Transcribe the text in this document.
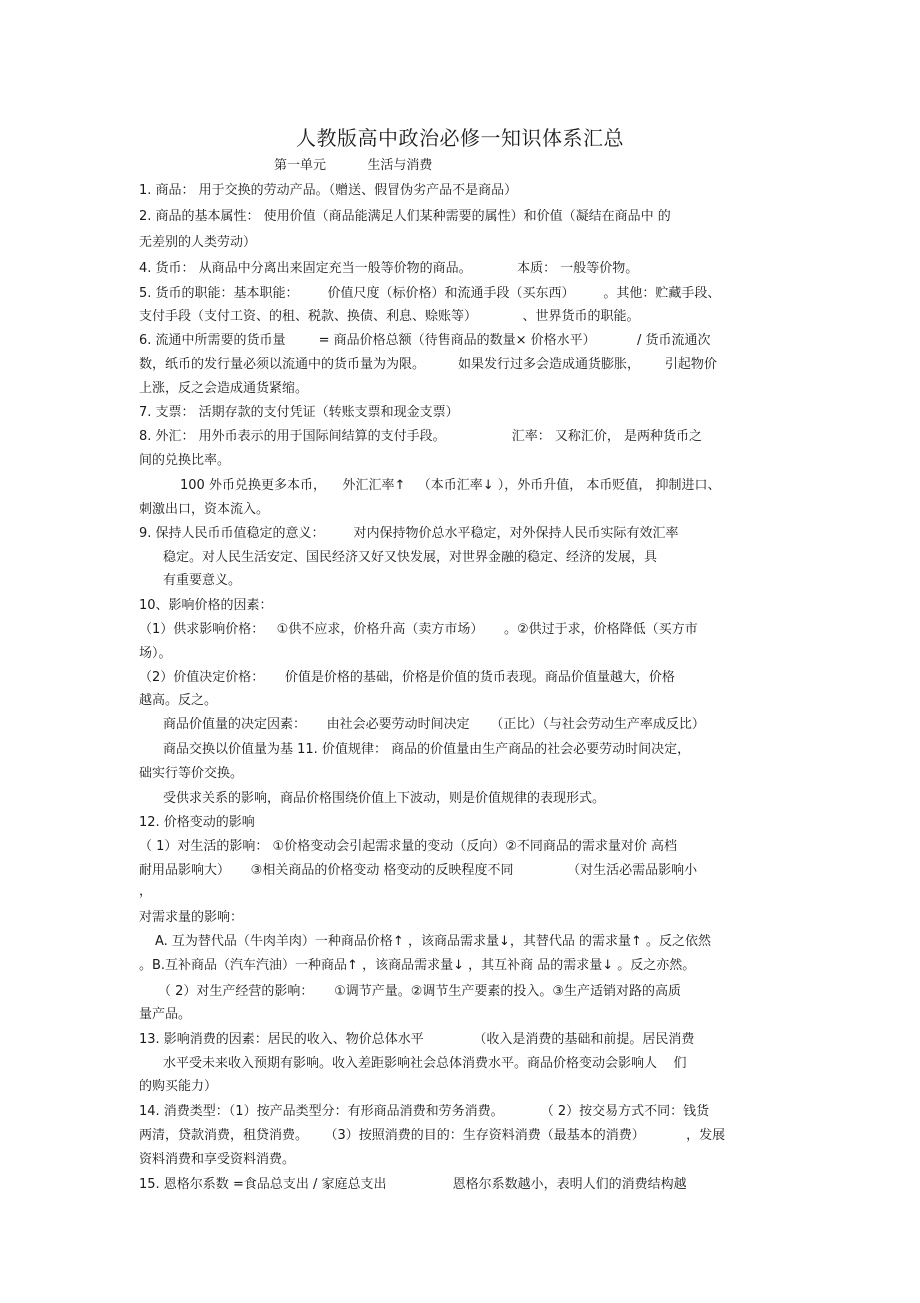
人教版高中政治必修一知识体系汇总
第一单元          生活与消费
1. 商品： 用于交换的劳动产品。（赠送、假冒伪劣产品不是商品）
2. 商品的基本属性： 使用价值（商品能满足人们某种需要的属性）和价值（凝结在商品中 的
无差别的人类劳动）
4. 货币： 从商品中分离出来固定充当一般等价物的商品。           本质： 一般等价物。
5. 货币的职能：基本职能：       价值尺度（标价格）和流通手段（买东西）       。其他：贮藏手段、
支付手段（支付工资、的租、税款、换债、利息、赊账等）           、世界货币的职能。
6. 流通中所需要的货币量        = 商品价格总额（待售商品的数量× 价格水平）          / 货币流通次
数，纸币的发行量必须以流通中的货币量为为限。        如果发行过多会造成通货膨胀，      引起物价
上涨，反之会造成通货紧缩。
7. 支票： 活期存款的支付凭证（转账支票和现金支票）
8. 外汇： 用外币表示的用于国际间结算的支付手段。                汇率： 又称汇价， 是两种货币之
间的兑换比率。
100 外币兑换更多本币，    外汇汇率↑   （本币汇率↓ ），外币升值， 本币贬值， 抑制进口、
刺激出口，资本流入。
9. 保持人民币币值稳定的意义：       对内保持物价总水平稳定，对外保持人民币实际有效汇率
稳定。对人民生活安定、国民经济又好又快发展，对世界金融的稳定、经济的发展，具
有重要意义。
10、影响价格的因素：
（1）供求影响价格：   ①供不应求，价格升高（卖方市场）     。②供过于求，价格降低（买方市
场）。
（2）价值决定价格：     价值是价格的基础，价格是价值的货币表现。商品价值量越大，价格
越高。反之。
商品价值量的决定因素：     由社会必要劳动时间决定     （正比）（与社会劳动生产率成反比）
商品交换以价值量为基 11. 价值规律： 商品的价值量由生产商品的社会必要劳动时间决定，
础实行等价交换。
受供求关系的影响，商品价格围绕价值上下波动，则是价值规律的表现形式。
12. 价格变动的影响
（ 1）对生活的影响： ①价格变动会引起需求量的变动（反向）②不同商品的需求量对价 高档
耐用品影响大）     ③相关商品的价格变动 格变动的反映程度不同             （对生活必需品影响小
，
对需求量的影响：
A. 互为替代品（牛肉羊肉）一种商品价格↑ ，该商品需求量↓，其替代品 的需求量↑ 。反之依然
。B.互补商品（汽车汽油）一种商品↑ ，该商品需求量↓ ，其互补商 品的需求量↓ 。反之亦然。
（ 2）对生产经营的影响：     ①调节产量。②调节生产要素的投入。③生产适销对路的高质
量产品。
13. 影响消费的因素：居民的收入、物价总体水平            （收入是消费的基础和前提。居民消费
水平受未来收入预期有影响。收入差距影响社会总体消费水平。商品价格变动会影响人    们
的购买能力）
14. 消费类型：（1）按产品类型分：有形商品消费和劳务消费。         （ 2）按交易方式不同：钱货
两清，贷款消费，租贷消费。    （3）按照消费的目的：生存资料消费（最基本的消费）          ，发展
资料消费和享受资料消费。
15. 恩格尔系数 =食品总支出 / 家庭总支出                恩格尔系数越小，表明人们的消费结构越
